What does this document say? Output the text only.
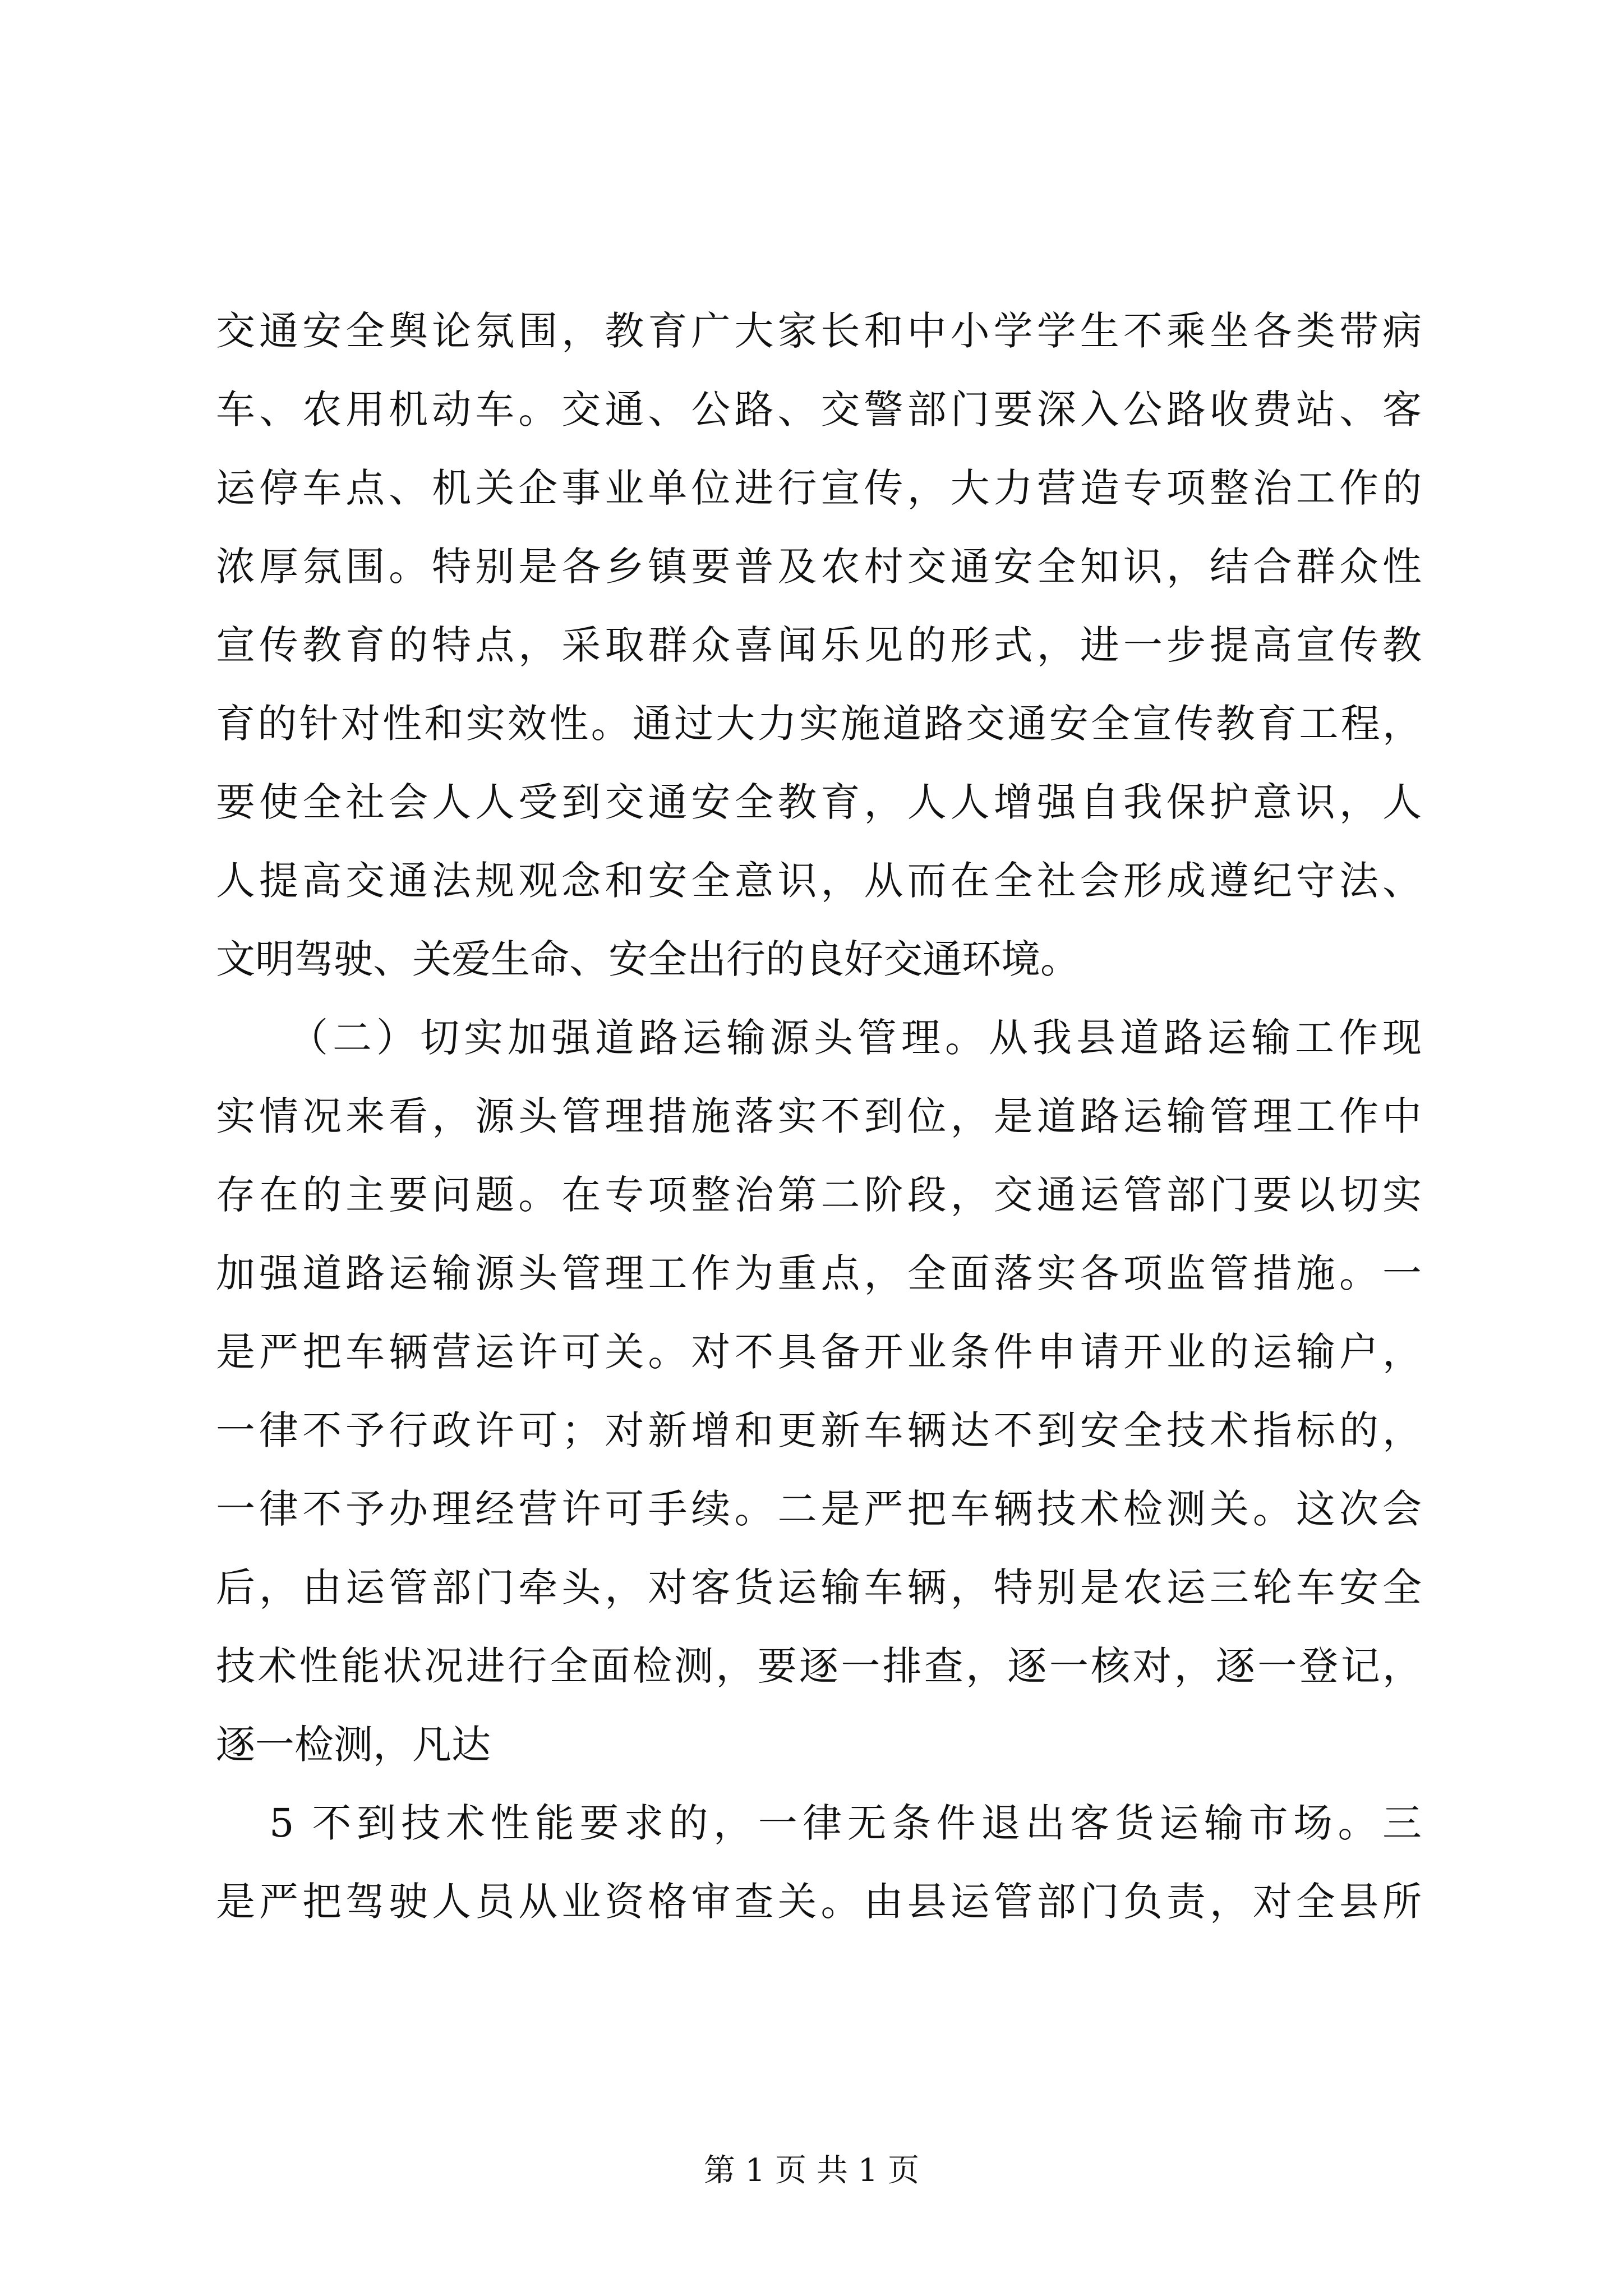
交通安全舆论氛围，教育广大家长和中小学学生不乘坐各类带病
车、农用机动车。交通、公路、交警部门要深入公路收费站、客
运停车点、机关企事业单位进行宣传，大力营造专项整治工作的
浓厚氛围。特别是各乡镇要普及农村交通安全知识，结合群众性
宣传教育的特点，采取群众喜闻乐见的形式，进一步提高宣传教
育的针对性和实效性。通过大力实施道路交通安全宣传教育工程，
要使全社会人人受到交通安全教育，人人增强自我保护意识，人
人提高交通法规观念和安全意识，从而在全社会形成遵纪守法、
文明驾驶、关爱生命、安全出行的良好交通环境。
（二）切实加强道路运输源头管理。从我县道路运输工作现
实情况来看，源头管理措施落实不到位，是道路运输管理工作中
存在的主要问题。在专项整治第二阶段，交通运管部门要以切实
加强道路运输源头管理工作为重点，全面落实各项监管措施。一
是严把车辆营运许可关。对不具备开业条件申请开业的运输户，
一律不予行政许可；对新增和更新车辆达不到安全技术指标的，
一律不予办理经营许可手续。二是严把车辆技术检测关。这次会
后，由运管部门牵头，对客货运输车辆，特别是农运三轮车安全
技术性能状况进行全面检测，要逐一排查，逐一核对，逐一登记，
逐一检测，凡达
5 不到技术性能要求的，一律无条件退出客货运输市场。三
是严把驾驶人员从业资格审查关。由县运管部门负责，对全县所
第 1 页 共 1 页
